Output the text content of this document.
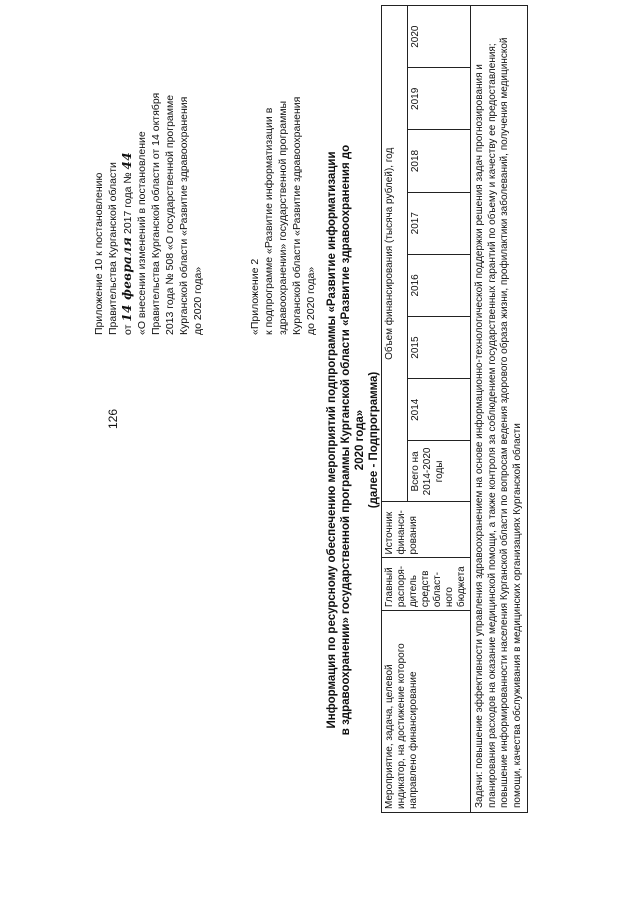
126
Приложение 10 к постановлению Правительства Курганской области от 14 февраля 2017 года № 44 «О внесении изменений в постановление Правительства Курганской области от 14 октября 2013 года № 508 «О государственной программе Курганской области «Развитие здравоохранения до 2020 года»	«Приложение 2 к подпрограмме «Развитие информатизации в здравоохранении» государственной программы Курганской области «Развитие здравоохранения до 2020 года» Информация по ресурсному обеспечению мероприятий подпрограммы «Развитие информатизации в здравоохранении» государственной программы Курганской области «Развитие здравоохранения до 2020 года» (далее - Подпрограмма)
Мероприятие, задача, целевой индикатор, на достижение которого направлено финансирование	Главный распоря-дитель средств област-ного бюджета	Источник финанси-рования	Объем финансирования (тысяча рублей), год							
			Всего на 2014-2020 годы	2014	2015	2016	2017	2018	2019	2020
Задачи: повышение эффективности управления здравоохранением на основе информационно-технологической поддержки решения задач прогнозирования и планирования расходов на оказание медицинской помощи, а также контроля за соблюдением государственных гарантий по объему и качеству ее предоставления; повышение информированности населения Курганской области по вопросам ведения здорового образа жизни, профилактики заболеваний, получения медицинской помощи, качества обслуживания в медицинских организациях Курганской области										
